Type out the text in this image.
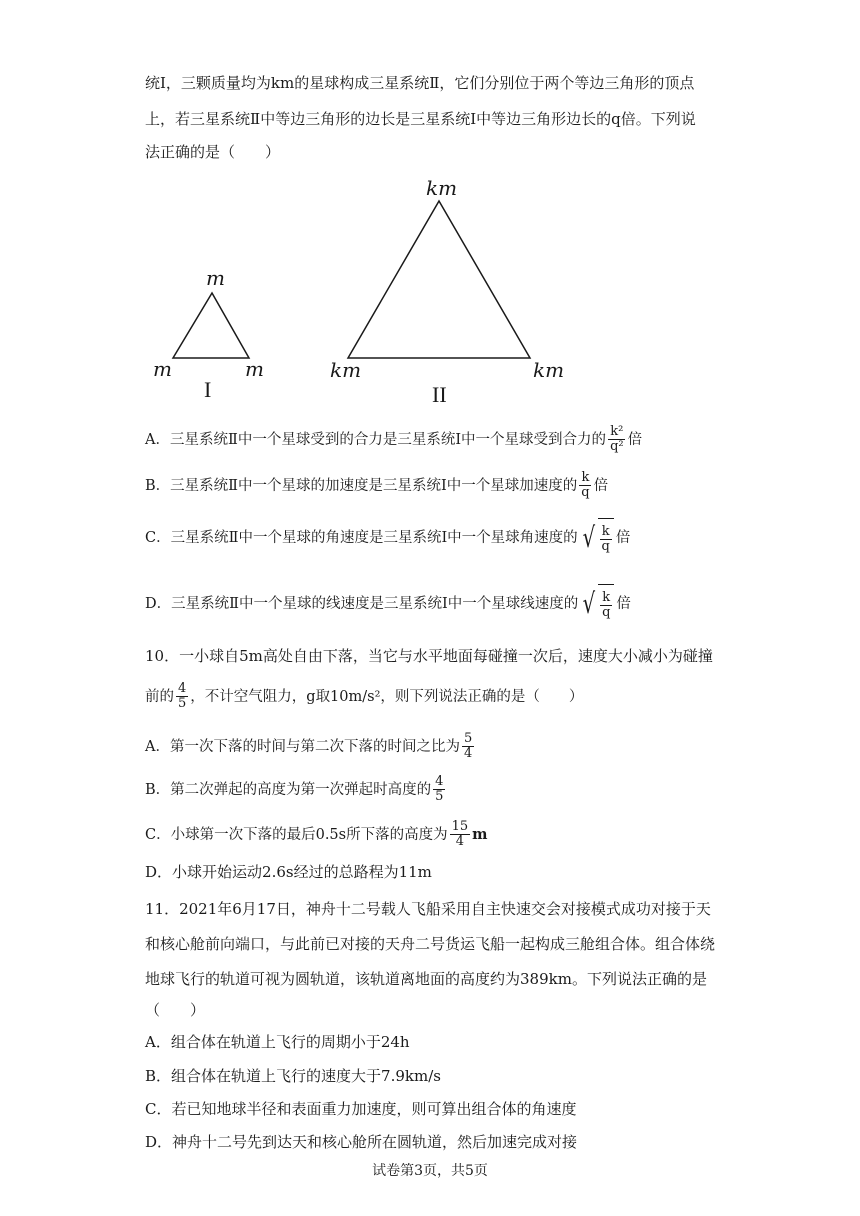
统Ⅰ，三颗质量均为km的星球构成三星系统Ⅱ，它们分别位于两个等边三角形的顶点
上，若三星系统Ⅱ中等边三角形的边长是三星系统Ⅰ中等边三角形边长的q倍。下列说
法正确的是（　　）
m
m	m
I
km
km	km
II
A．三星系统Ⅱ中一个星球受到的合力是三星系统Ⅰ中一个星球受到合力的 $\frac{\text{k²}}{\text{q²}}$ 倍
B．三星系统Ⅱ中一个星球的加速度是三星系统Ⅰ中一个星球加速度的 $\frac{k}{q}$ 倍
C．三星系统Ⅱ中一个星球的角速度是三星系统Ⅰ中一个星球角速度的 √ $\frac{k}{q}$ 倍
D．三星系统Ⅱ中一个星球的线速度是三星系统Ⅰ中一个星球线速度的 √ $\frac{k}{q}$ 倍
10．一小球自5m高处自由下落，当它与水平地面每碰撞一次后，速度大小减小为碰撞
前的 $\frac{4}{5}$ ，不计空气阻力，g取10m/s²，则下列说法正确的是（　　）
A．第一次下落的时间与第二次下落的时间之比为 $\frac{5}{4}$
B．第二次弹起的高度为第一次弹起时高度的 $\frac{4}{5}$
C．小球第一次下落的最后0.5s所下落的高度为 $\frac{15}{4}$ m
D．小球开始运动2.6s经过的总路程为11m
11．2021年6月17日，神舟十二号载人飞船采用自主快速交会对接模式成功对接于天
和核心舱前向端口，与此前已对接的天舟二号货运飞船一起构成三舱组合体。组合体绕
地球飞行的轨道可视为圆轨道，该轨道离地面的高度约为389km。下列说法正确的是
（　　）
A．组合体在轨道上飞行的周期小于24h
B．组合体在轨道上飞行的速度大于7.9km/s
C．若已知地球半径和表面重力加速度，则可算出组合体的角速度
D．神舟十二号先到达天和核心舱所在圆轨道，然后加速完成对接
试卷第3页，共5页
